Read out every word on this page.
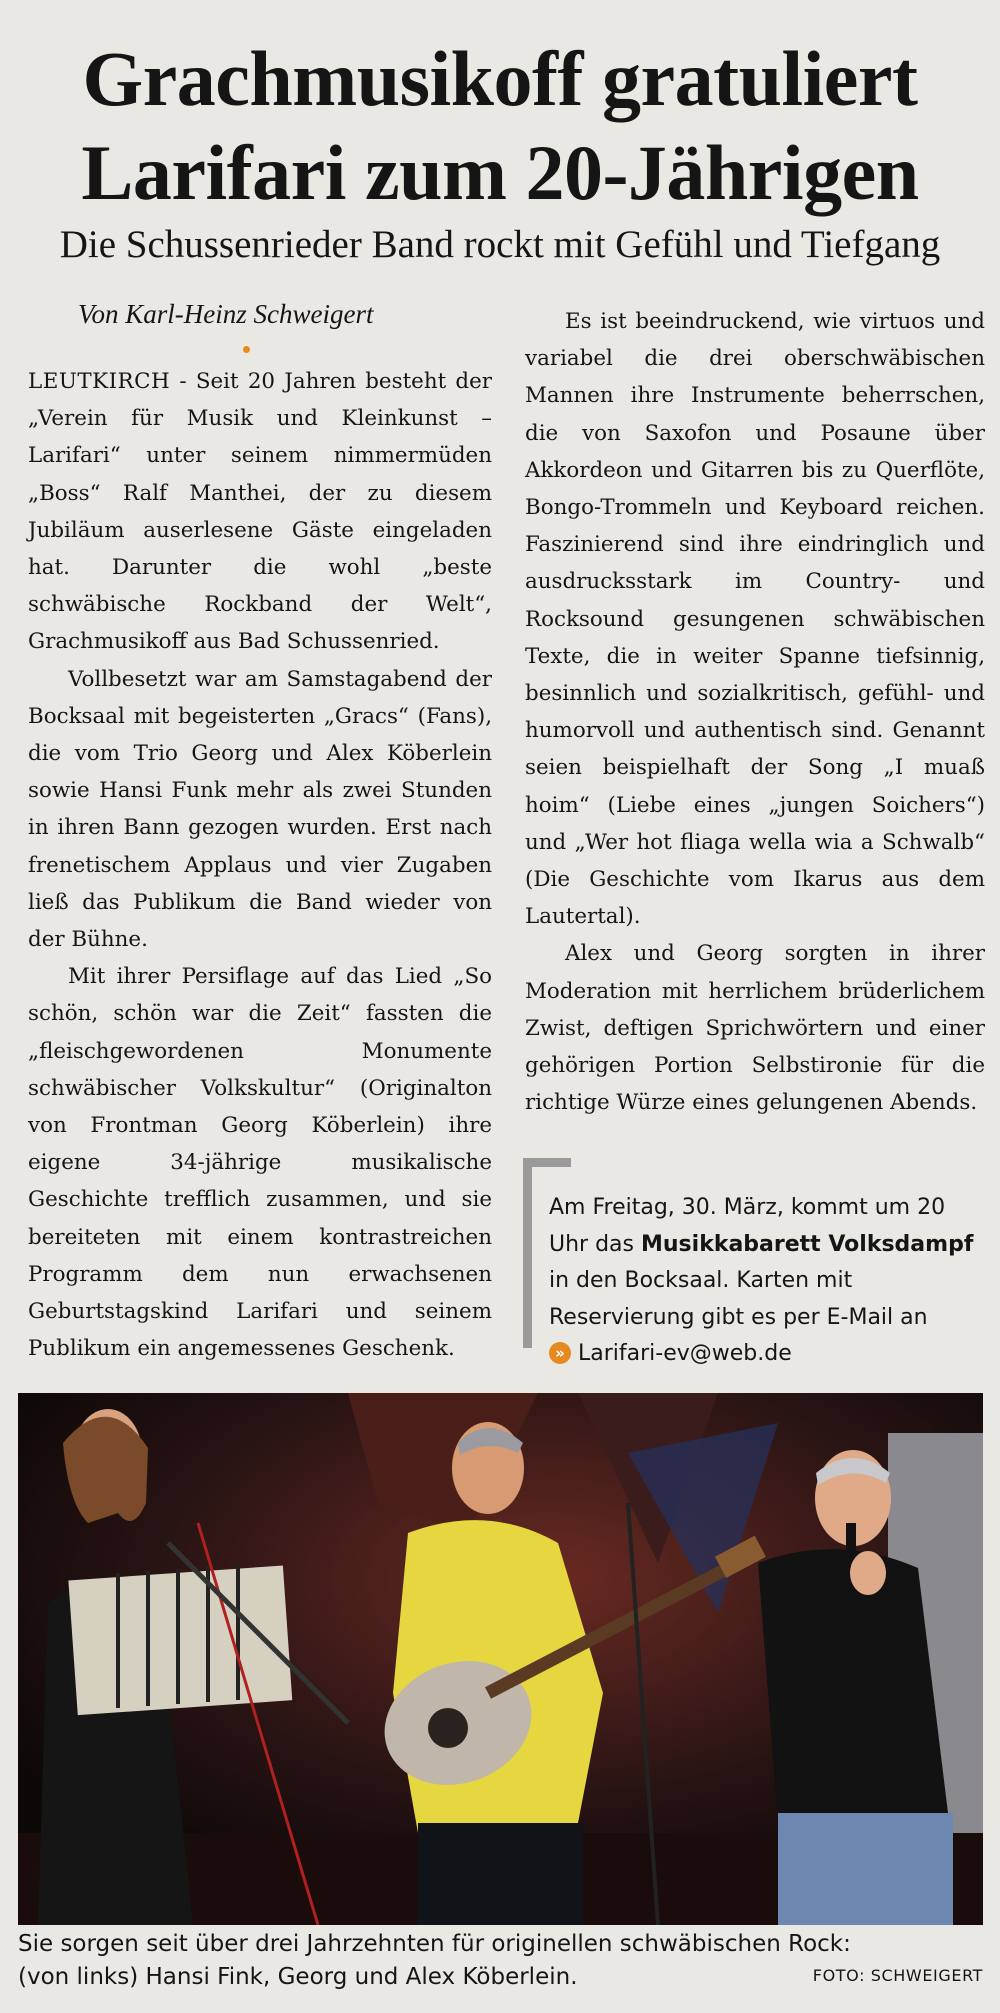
Grachmusikoff gratuliert
Larifari zum 20-Jährigen
Die Schussenrieder Band rockt mit Gefühl und Tiefgang
Von Karl-Heinz Schweigert

LEUTKIRCH - Seit 20 Jahren besteht der „Verein für Musik und Kleinkunst – Larifari“ unter seinem nimmermüden „Boss“ Ralf Manthei, der zu diesem Jubiläum auserlesene Gäste eingeladen hat. Darunter die wohl „beste schwäbische Rockband der Welt“, Grachmusikoff aus Bad Schussenried.

Vollbesetzt war am Samstagabend der Bocksaal mit begeisterten „Gracs“ (Fans), die vom Trio Georg und Alex Köberlein sowie Hansi Funk mehr als zwei Stunden in ihren Bann gezogen wurden. Erst nach frenetischem Applaus und vier Zugaben ließ das Publikum die Band wieder von der Bühne.

Mit ihrer Persiflage auf das Lied „So schön, schön war die Zeit“ fassten die „fleischgewordenen Monumente schwäbischer Volkskultur“ (Originalton von Frontman Georg Köberlein) ihre eigene 34-jährige musikalische Geschichte trefflich zusammen, und sie bereiteten mit einem kontrastreichen Programm dem nun erwachsenen Geburtstagskind Larifari und seinem Publikum ein angemessenes Geschenk.

Es ist beeindruckend, wie virtuos und variabel die drei oberschwäbischen Mannen ihre Instrumente beherrschen, die von Saxofon und Posaune über Akkordeon und Gitarren bis zu Querflöte, Bongo-Trommeln und Keyboard reichen. Faszinierend sind ihre eindringlich und ausdrucksstark im Country- und Rocksound gesungenen schwäbischen Texte, die in weiter Spanne tiefsinnig, besinnlich und sozialkritisch, gefühl- und humorvoll und authentisch sind. Genannt seien beispielhaft der Song „I muaß hoim“ (Liebe eines „jungen Soichers“) und „Wer hot fliaga wella wia a Schwalb“ (Die Geschichte vom Ikarus aus dem Lautertal).

Alex und Georg sorgten in ihrer Moderation mit herrlichem brüderlichem Zwist, deftigen Sprichwörtern und einer gehörigen Portion Selbstironie für die richtige Würze eines gelungenen Abends.

Am Freitag, 30. März, kommt um 20 Uhr das Musikkabarett Volksdampf in den Bocksaal. Karten mit Reservierung gibt es per E-Mail an
» Larifari-ev@web.de
Sie sorgen seit über drei Jahrzehnten für originellen schwäbischen Rock:
(von links) Hansi Fink, Georg und Alex Köberlein.	FOTO: SCHWEIGERT
